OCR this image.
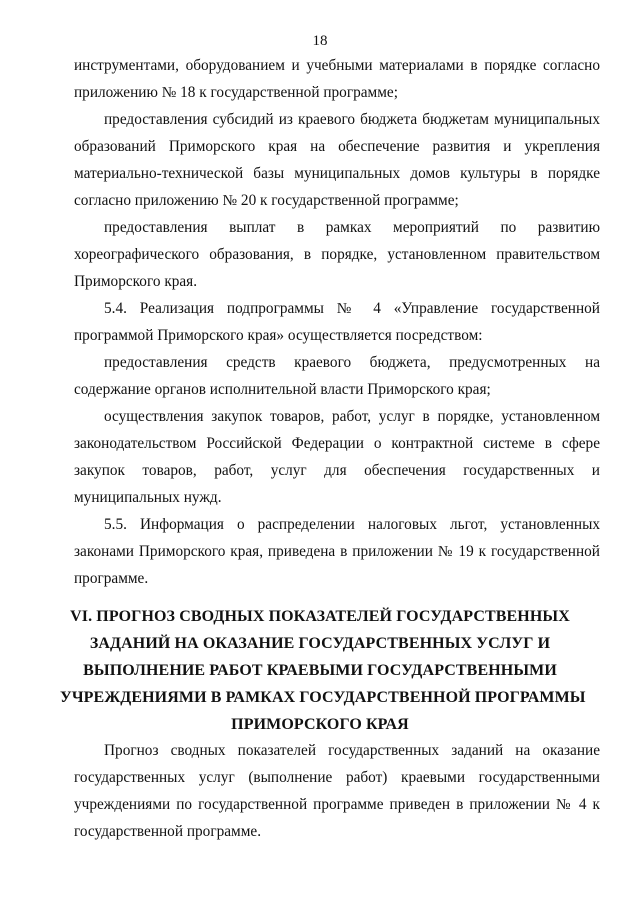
18
инструментами, оборудованием и учебными материалами в порядке согласно
приложению № 18 к государственной программе;
предоставления субсидий из краевого бюджета бюджетам муниципальных
образований Приморского края на обеспечение развития и укрепления
материально-технической базы муниципальных домов культуры в порядке
согласно приложению № 20 к государственной программе;
предоставления выплат в рамках мероприятий по развитию
хореографического образования, в порядке, установленном правительством
Приморского края.
5.4. Реализация подпрограммы № 4 «Управление государственной
программой Приморского края» осуществляется посредством:
предоставления средств краевого бюджета, предусмотренных на
содержание органов исполнительной власти Приморского края;
осуществления закупок товаров, работ, услуг в порядке, установленном
законодательством Российской Федерации о контрактной системе в сфере
закупок товаров, работ, услуг для обеспечения государственных и
муниципальных нужд.
5.5. Информация о распределении налоговых льгот, установленных
законами Приморского края, приведена в приложении № 19 к государственной
программе.
VI. ПРОГНОЗ СВОДНЫХ ПОКАЗАТЕЛЕЙ ГОСУДАРСТВЕННЫХ
ЗАДАНИЙ НА ОКАЗАНИЕ ГОСУДАРСТВЕННЫХ УСЛУГ И
ВЫПОЛНЕНИЕ РАБОТ КРАЕВЫМИ ГОСУДАРСТВЕННЫМИ
УЧРЕЖДЕНИЯМИ В РАМКАХ ГОСУДАРСТВЕННОЙ ПРОГРАММЫ
ПРИМОРСКОГО КРАЯ
Прогноз сводных показателей государственных заданий на оказание
государственных услуг (выполнение работ) краевыми государственными
учреждениями по государственной программе приведен в приложении № 4 к
государственной программе.
